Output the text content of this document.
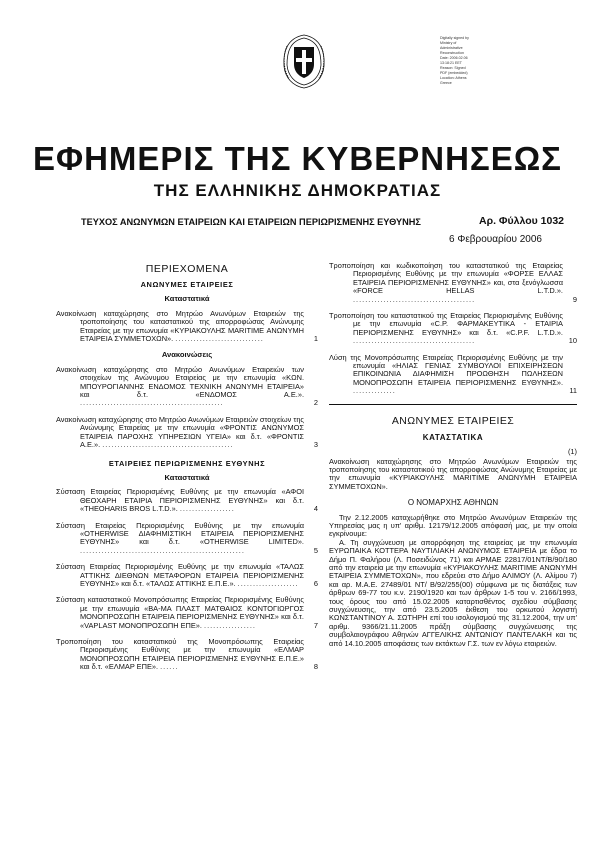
Digitally signed by
Ministry of
Administrative
Reconstruction
Date: 2006.02.06
13:18:21 EET
Reason: Signed
PDF (embedded)
Location: Athens
Greece
ΕΦΗΜΕΡΙΣ ΤΗΣ ΚΥΒΕΡΝΗΣΕΩΣ
ΤΗΣ ΕΛΛΗΝΙΚΗΣ ΔΗΜΟΚΡΑΤΙΑΣ
ΤΕΥΧΟΣ ΑΝΩΝΥΜΩΝ ΕΤΑΙΡΕΙΩΝ ΚΑΙ ΕΤΑΙΡΕΙΩΝ ΠΕΡΙΩΡΙΣΜΕΝΗΣ ΕΥΘΥΝΗΣ	Αρ. Φύλλου 1032
6 Φεβρουαρίου 2006
ΠΕΡΙΕΧΟΜΕΝΑ
ΑΝΩΝΥΜΕΣ ΕΤΑΙΡΕΙΕΣ
Καταστατικά

Ανακοίνωση καταχώρησης στο Μητρώο Ανωνύμων Εταιρειών της τροποποίησης του καταστατικού της απορροφώσας Ανώνυμης Εταιρείας με την επωνυμία «ΚΥΡΙΑΚΟΥΛΗΣ MARITIME ΑΝΩΝΥΜΗ ΕΤΑΙΡΕΙΑ ΣΥΜΜΕΤΟΧΩΝ». .............................	1
Ανακοινώσεις

Ανακοίνωση καταχώρησης στο Μητρώο Ανωνύμων Εταιρειών των στοιχείων της Ανώνυμου Εταιρείας με την επωνυμία «ΚΩΝ. ΜΠΟΥΡΟΓΙΑΝΝΗΣ ΕΝΔΟΜΟΣ ΤΕΧΝΙΚΗ ΑΝΩΝΥΜΗ ΕΤΑΙΡΕΙΑ» και δ.τ. «ΕΝΔΟΜΟΣ Α.Ε.». ...............................................	2

Ανακοίνωση καταχώρησης στο Μητρώο Ανωνύμων Εταιρειών στοιχείων της Ανώνυμης Εταιρείας με την επωνυμία «ΦΡΟΝΤΙΣ ΑΝΩΝΥΜΟΣ ΕΤΑΙΡΕΙΑ ΠΑΡΟΧΗΣ ΥΠΗΡΕΣΙΩΝ ΥΓΕΙΑ» και δ.τ. «ΦΡΟΝΤΙΣ Α.Ε.». ...........................................	3
ΕΤΑΙΡΕΙΕΣ ΠΕΡΙΩΡΙΣΜΕΝΗΣ ΕΥΘΥΝΗΣ
Καταστατικά

Σύσταση Εταιρείας Περιορισμένης Ευθύνης με την επωνυμία «ΑΦΟΙ ΘΕΟΧΑΡΗ ΕΤΑΙΡΙΑ ΠΕΡΙΟΡΙΣΜΕΝΗΣ ΕΥΘΥΝΗΣ» και δ.τ. «THEOHARIS BROS L.T.D.». ..................	4

Σύσταση Εταιρείας Περιορισμένης Ευθύνης με την επωνυμία «OTHERWISE ΔΙΑΦΗΜΙΣΤΙΚΗ ΕΤΑΙΡΕΙΑ ΠΕΡΙΟΡΙΣΜΕΝΗΣ ΕΥΘΥΝΗΣ» και δ.τ. «OTHERWISE LIMITED». ......................................................	5

Σύσταση Εταιρείας Περιορισμένης Ευθύνης με την επωνυμία «ΤΑΛΩΣ ΑΤΤΙΚΗΣ ΔΙΕΘΝΩΝ ΜΕΤΑΦΟΡΩΝ ΕΤΑΙΡΕΙΑ ΠΕΡΙΟΡΙΣΜΕΝΗΣ ΕΥΘΥΝΗΣ» και δ.τ. «ΤΑΛΩΣ ΑΤΤΙΚΗΣ Ε.Π.Ε.». ....................	6

Σύσταση καταστατικού Μονοπρόσωπης Εταιρείας Περιορισμένης Ευθύνης με την επωνυμία «ΒΑ-ΜΑ ΠΛΑΣΤ ΜΑΤΘΑΙΟΣ ΚΟΝΤΟΓΙΩΡΓΟΣ ΜΟΝΟΠΡΟΣΩΠΗ ΕΤΑΙΡΕΙΑ ΠΕΡΙΟΡΙΣΜΕΝΗΣ ΕΥΘΥΝΗΣ» και δ.τ. «VAPLAST ΜΟΝΟΠΡΟΣΩΠΗ ΕΠΕ». .................	7

Τροποποίηση του καταστατικού της Μονοπρόσωπης Εταιρείας Περιορισμένης Ευθύνης με την επωνυμία «ΕΛΜΑΡ ΜΟΝΟΠΡΟΣΩΠΗ ΕΤΑΙΡΕΙΑ ΠΕΡΙΟΡΙΣΜΕΝΗΣ ΕΥΘΥΝΗΣ Ε.Π.Ε.» και δ.τ. «ΕΛΜΑΡ ΕΠΕ». ......	8

Τροποποίηση και κωδικοποίηση του καταστατικού της Εταιρείας Περιορισμένης Ευθύνης με την επωνυμία «ΦΟΡΣΕ ΕΛΛΑΣ ΕΤΑΙΡΕΙΑ ΠΕΡΙΟΡΙΣΜΕΝΗΣ ΕΥΘΥΝΗΣ» και, στα ξενόγλωσσα «FORCE HELLAS L.T.D.». ........................................	9

Τροποποίηση του καταστατικού της Εταιρείας Περιορισμένης Ευθύνης με την επωνυμία «C.P. ΦΑΡΜΑΚΕΥΤΙΚΑ - ΕΤΑΙΡΙΑ ΠΕΡΙΟΡΙΣΜΕΝΗΣ ΕΥΘΥΝΗΣ» και δ.τ. «C.P.F. L.T.D.». ........................................	10

Λύση της Μονοπρόσωπης Εταιρείας Περιορισμένης Ευθύνης με την επωνυμία «ΗΛΙΑΣ ΓΕΝΙΑΣ ΣΥΜΒΟΥΛΟΙ ΕΠΙΧΕΙΡΗΣΕΩΝ ΕΠΙΚΟΙΝΩΝΙΑ ΔΙΑΦΗΜΙΣΗ ΠΡΟΩΘΗΣΗ ΠΩΛΗΣΕΩΝ ΜΟΝΟΠΡΟΣΩΠΗ ΕΤΑΙΡΕΙΑ ΠΕΡΙΟΡΙΣΜΕΝΗΣ ΕΥΘΥΝΗΣ». ..............	11
ΑΝΩΝΥΜΕΣ ΕΤΑΙΡΕΙΕΣ
ΚΑΤΑΣΤΑΤΙΚΑ
(1)

Ανακοίνωση καταχώρησης στο Μητρώο Ανωνύμων Εταιρειών της τροποποίησης του καταστατικού της απορροφώσας Ανώνυμης Εταιρείας με την επωνυμία «ΚΥΡΙΑΚΟΥΛΗΣ MARITIME ΑΝΩΝΥΜΗ ΕΤΑΙΡΕΙΑ ΣΥΜΜΕΤΟΧΩΝ».

Ο ΝΟΜΑΡΧΗΣ ΑΘΗΝΩΝ

Την 2.12.2005 καταχωρήθηκε στο Μητρώο Ανωνύμων Εταιρειών της Υπηρεσίας μας η υπ' αριθμ. 12179/12.2005 απόφασή μας, με την οποία εγκρίνουμε:

Α. Τη συγχώνευση με απορρόφηση της εταιρείας με την επωνυμία ΕΥΡΩΠΑΙΚΑ ΚΟΤΤΕΡΑ ΝΑΥΤΙΛΙΑΚΗ ΑΝΩΝΥΜΟΣ ΕΤΑΙΡΕΙΑ με έδρα το Δήμο Π. Φαλήρου (Λ. Ποσειδώνος 71) και ΑΡΜΑΕ 22817/01ΝΤ/Β/90/180 από την εταιρεία με την επωνυμία «ΚΥΡΙΑΚΟΥΛΗΣ MARITIME ΑΝΩΝΥΜΗ ΕΤΑΙΡΕΙΑ ΣΥΜΜΕΤΟΧΩΝ», που εδρεύει στο Δήμο ΑΛΙΜΟΥ (Λ. Αλίμου 7) και αρ. Μ.Α.Ε. 27489/01 ΝΤ/ Β/92/255(00) σύμφωνα με τις διατάξεις των άρθρων 69-77 του κ.ν. 2190/1920 και των άρθρων 1-5 του ν. 2166/1993, τους όρους του από 15.02.2005 καταρτισθέντος σχεδίου σύμβασης συγχώνευσης, την από 23.5.2005 έκθεση του ορκωτού λογιστή ΚΩΝΣΤΑΝΤΙΝΟΥ Α. ΣΩΤΗΡΗ επί του ισολογισμού της 31.12.2004, την υπ' αριθμ. 9366/21.11.2005 πράξη σύμβασης συγχώνευσης της συμβολαιογράφου Αθηνών ΑΓΓΕΛΙΚΗΣ ΑΝΤΩΝΙΟΥ ΠΑΝΤΕΛΑΚΗ και τις από 14.10.2005 αποφάσεις των εκτάκτων Γ.Σ. των εν λόγω εταιρειών.
